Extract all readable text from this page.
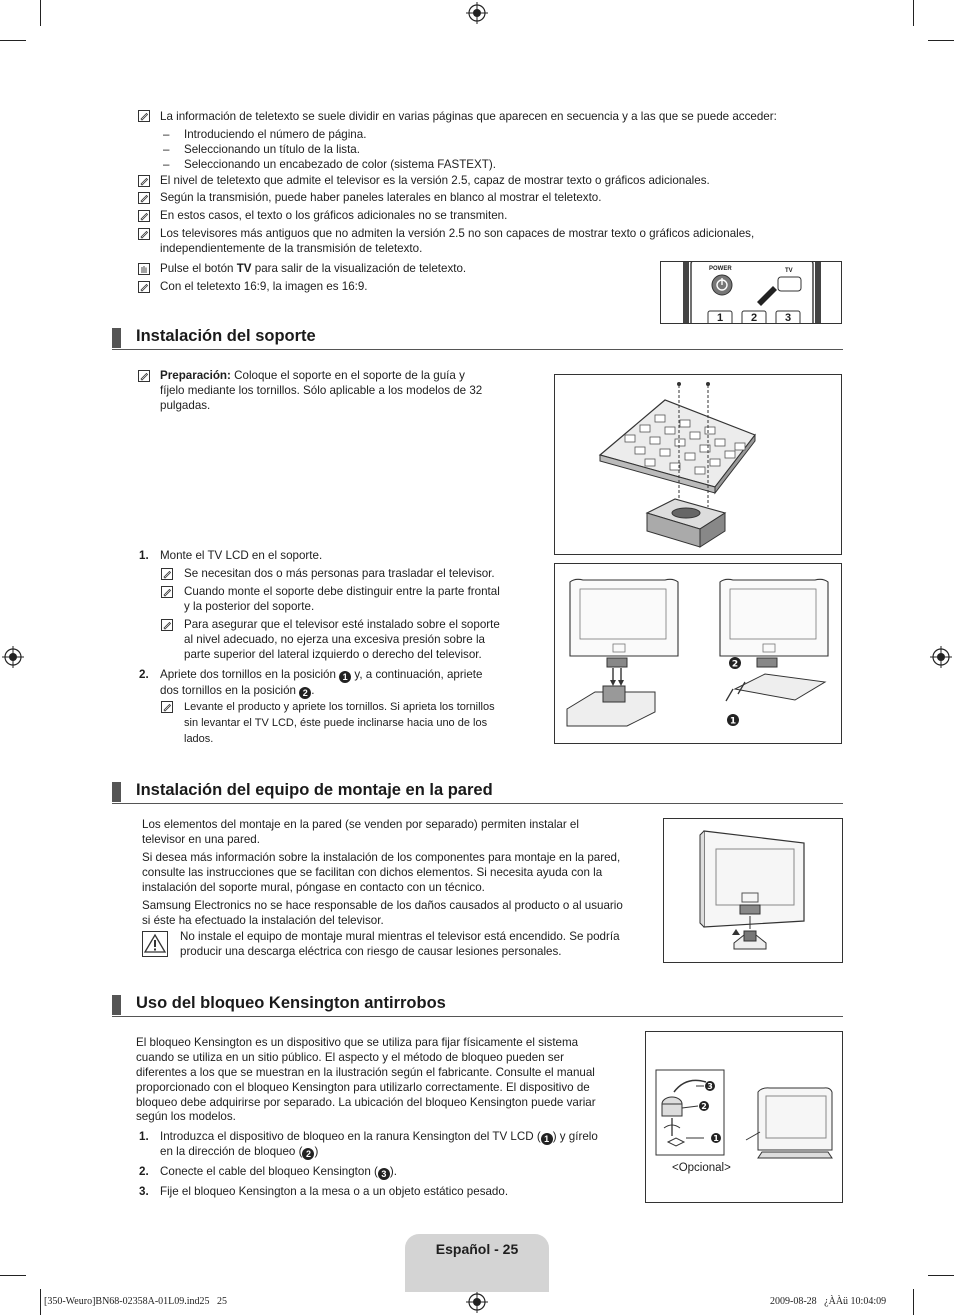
La información de teletexto se suele dividir en varias páginas que aparecen en secuencia y a las que se puede acceder:
– Introduciendo el número de página.
– Seleccionando un título de la lista.
– Seleccionando un encabezado de color (sistema FASTEXT).
El nivel de teletexto que admite el televisor es la versión 2.5, capaz de mostrar texto o gráficos adicionales.
Según la transmisión, puede haber paneles laterales en blanco al mostrar el teletexto.
En estos casos, el texto o los gráficos adicionales no se transmiten.
Los televisores más antiguos que no admiten la versión 2.5 no son capaces de mostrar texto o gráficos adicionales,
independientemente de la transmisión de teletexto.
Pulse el botón TV para salir de la visualización de teletexto.
Con el teletexto 16:9, la imagen es 16:9.
POWER	TV
1	2	3
Instalación del soporte
Preparación: Coloque el soporte en el soporte de la guía y
fíjelo mediante los tornillos. Sólo aplicable a los modelos de 32
pulgadas.
1. Monte el TV LCD en el soporte.
Se necesitan dos o más personas para trasladar el televisor.
Cuando monte el soporte debe distinguir entre la parte frontal
y la posterior del soporte.
Para asegurar que el televisor esté instalado sobre el soporte
al nivel adecuado, no ejerza una excesiva presión sobre la
parte superior del lateral izquierdo o derecho del televisor.
2. Apriete dos tornillos en la posición 1 y, a continuación, apriete
dos tornillos en la posición 2 .
Levante el producto y apriete los tornillos. Si aprieta los tornillos
sin levantar el TV LCD, éste puede inclinarse hacia uno de los
lados.
2
1
Instalación del equipo de montaje en la pared
Los elementos del montaje en la pared (se venden por separado) permiten instalar el
televisor en una pared.
Si desea más información sobre la instalación de los componentes para montaje en la pared,
consulte las instrucciones que se facilitan con dichos elementos. Si necesita ayuda con la
instalación del soporte mural, póngase en contacto con un técnico.
Samsung Electronics no se hace responsable de los daños causados al producto o al usuario
si éste ha efectuado la instalación del televisor.
No instale el equipo de montaje mural mientras el televisor está encendido. Se podría
producir una descarga eléctrica con riesgo de causar lesiones personales.
Uso del bloqueo Kensington antirrobos
El bloqueo Kensington es un dispositivo que se utiliza para fijar físicamente el sistema
cuando se utiliza en un sitio público. El aspecto y el método de bloqueo pueden ser
diferentes a los que se muestran en la ilustración según el fabricante. Consulte el manual
proporcionado con el bloqueo Kensington para utilizarlo correctamente. El dispositivo de
bloqueo debe adquirirse por separado. La ubicación del bloqueo Kensington puede variar
según los modelos.
1. Introduzca el dispositivo de bloqueo en la ranura Kensington del TV LCD ( 1 ) y gírelo
en la dirección de bloqueo ( 2 )
2. Conecte el cable del bloqueo Kensington ( 3 ).
3. Fije el bloqueo Kensington a la mesa o a un objeto estático pesado.
3
2
1
<Opcional>
Español - 25
[350-Weuro]BN68-02358A-01L09.ind25   25	2009-08-28   ¿ÀÀü 10:04:09
